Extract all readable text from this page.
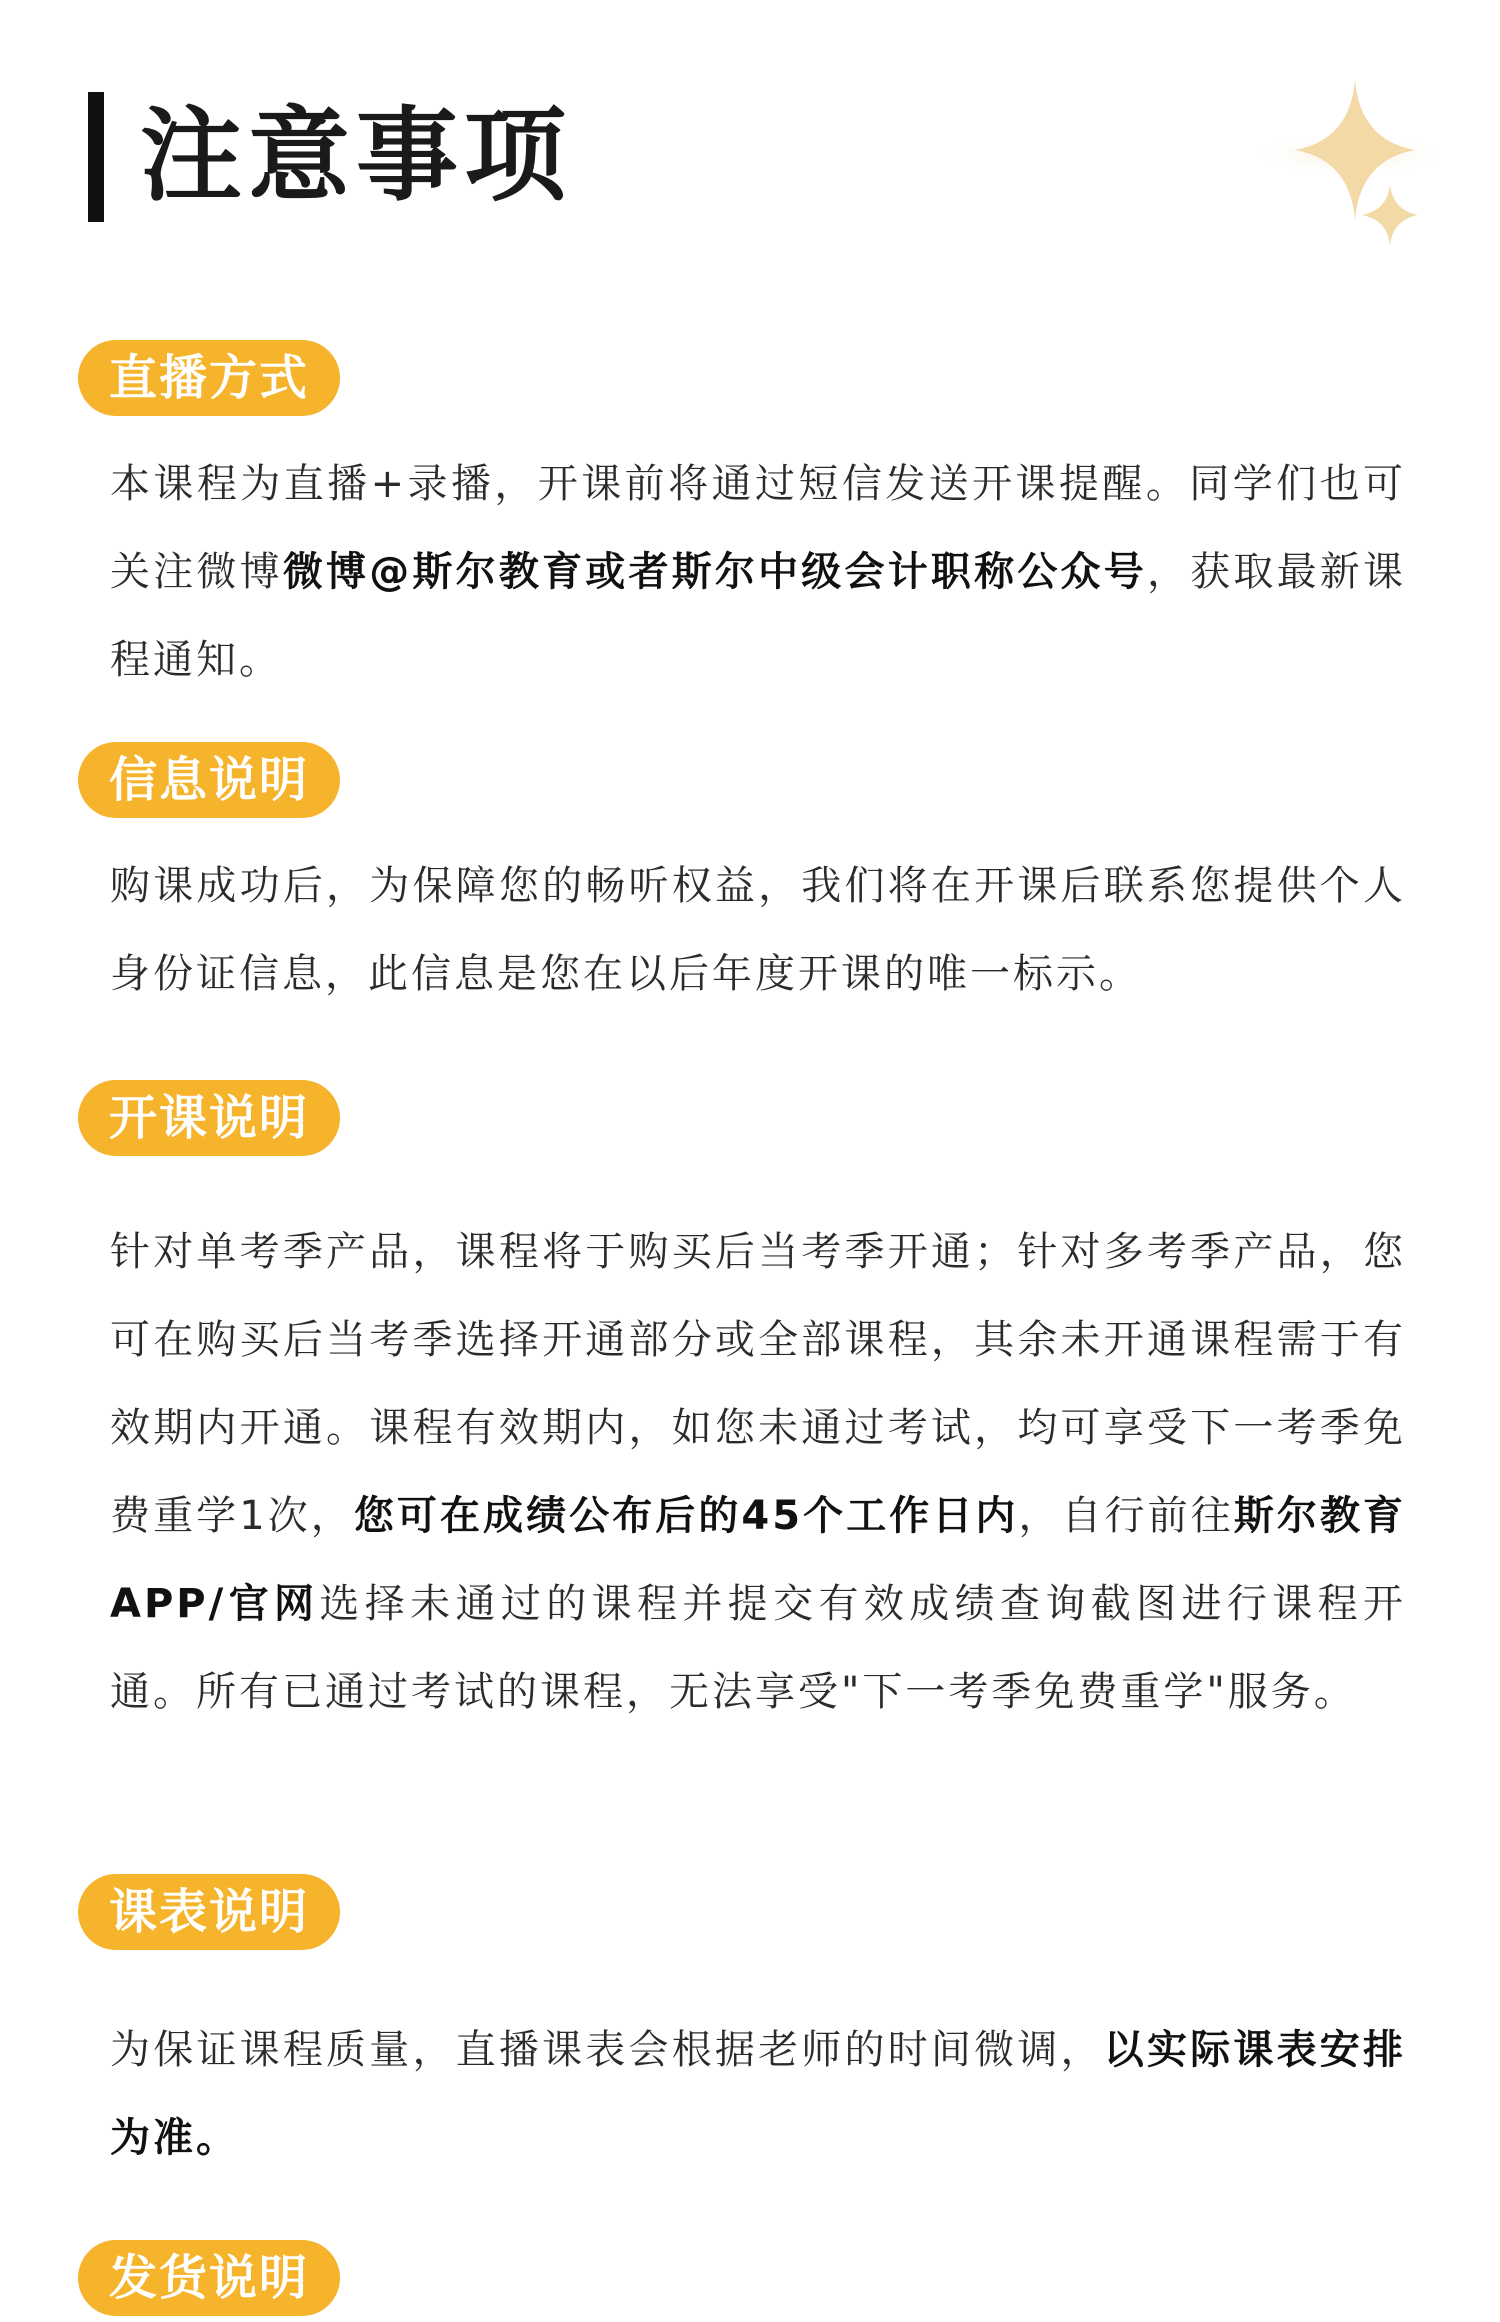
注意事项
直播方式

本课程为直播+录播，开课前将通过短信发送开课提醒。同学们也可关注微博微博@斯尔教育或者斯尔中级会计职称公众号，获取最新课程通知。

信息说明

购课成功后，为保障您的畅听权益，我们将在开课后联系您提供个人身份证信息，此信息是您在以后年度开课的唯一标示。

开课说明

针对单考季产品，课程将于购买后当考季开通；针对多考季产品，您可在购买后当考季选择开通部分或全部课程，其余未开通课程需于有效期内开通。课程有效期内，如您未通过考试，均可享受下一考季免费重学1次，您可在成绩公布后的45个工作日内，自行前往斯尔教育APP/官网选择未通过的课程并提交有效成绩查询截图进行课程开通。所有已通过考试的课程，无法享受"下一考季免费重学"服务。

课表说明

为保证课程质量，直播课表会根据老师的时间微调，以实际课表安排为准。

发货说明
